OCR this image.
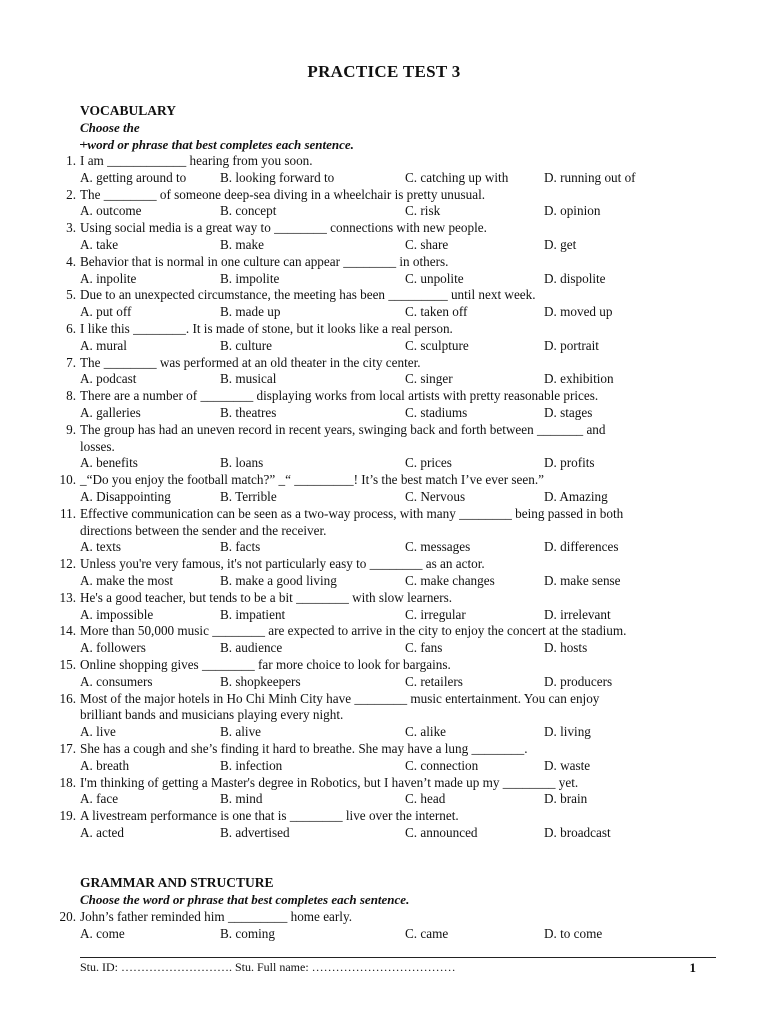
PRACTICE TEST 3
VOCABULARY
Choose the
+word or phrase that best completes each sentence.
1. I am ____________ hearing from you soon.
A. getting around to	B. looking forward to	C. catching up with	D. running out of
2. The ________ of someone deep-sea diving in a wheelchair is pretty unusual.
A. outcome	B. concept	C. risk	D. opinion
3. Using social media is a great way to ________ connections with new people.
A. take	B. make	C. share	D. get
4. Behavior that is normal in one culture can appear ________ in others.
A. inpolite	B. impolite	C. unpolite	D. dispolite
5. Due to an unexpected circumstance, the meeting has been _________ until next week.
A. put off	B. made up	C. taken off	D. moved up
6. I like this ________. It is made of stone, but it looks like a real person.
A. mural	B. culture	C. sculpture	D. portrait
7. The ________ was performed at an old theater in the city center.
A. podcast	B. musical	C. singer	D. exhibition
8. There are a number of ________ displaying works from local artists with pretty reasonable prices.
A. galleries	B. theatres	C. stadiums	D. stages
9. The group has had an uneven record in recent years, swinging back and forth between _______ and
losses.
A. benefits	B. loans	C. prices	D. profits
10. _“Do you enjoy the football match?” _“ _________! It’s the best match I’ve ever seen.”
A. Disappointing	B. Terrible	C. Nervous	D. Amazing
11. Effective communication can be seen as a two-way process, with many ________ being passed in both
directions between the sender and the receiver.
A. texts	B. facts	C. messages	D. differences
12. Unless you're very famous, it's not particularly easy to ________ as an actor.
A. make the most	B. make a good living	C. make changes	D. make sense
13. He's a good teacher, but tends to be a bit ________ with slow learners.
A. impossible	B. impatient	C. irregular	D. irrelevant
14. More than 50,000 music ________ are expected to arrive in the city to enjoy the concert at the stadium.
A. followers	B. audience	C. fans	D. hosts
15. Online shopping gives ________ far more choice to look for bargains.
A. consumers	B. shopkeepers	C. retailers	D. producers
16. Most of the major hotels in Ho Chi Minh City have ________ music entertainment. You can enjoy
brilliant bands and musicians playing every night.
A. live	B. alive	C. alike	D. living
17. She has a cough and she’s finding it hard to breathe. She may have a lung ________.
A. breath	B. infection	C. connection	D. waste
18. I'm thinking of getting a Master's degree in Robotics, but I haven’t made up my ________ yet.
A. face	B. mind	C. head	D. brain
19. A livestream performance is one that is ________ live over the internet.
A. acted	B. advertised	C. announced	D. broadcast
GRAMMAR AND STRUCTURE
Choose the word or phrase that best completes each sentence.
20. John’s father reminded him _________ home early.
A. come	B. coming	C. came	D. to come
Stu. ID: ………………………. Stu. Full name: ………………………………	1
